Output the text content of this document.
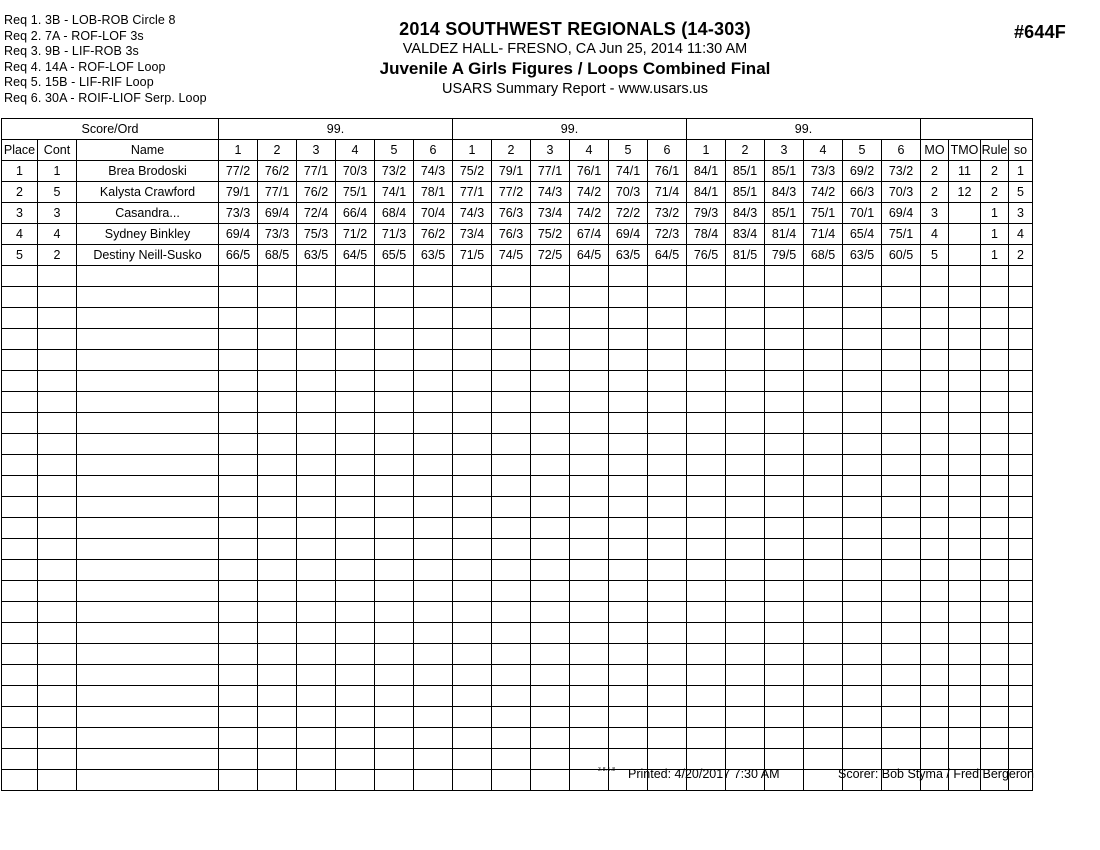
Req 1. 3B - LOB-ROB Circle 8
Req 2. 7A - ROF-LOF 3s
Req 3. 9B - LIF-ROB 3s
Req 4. 14A - ROF-LOF Loop
Req 5. 15B - LIF-RIF Loop
Req 6. 30A - ROIF-LIOF Serp. Loop
2014 SOUTHWEST REGIONALS (14-303)
VALDEZ HALL- FRESNO, CA Jun 25, 2014 11:30 AM
Juvenile A Girls Figures / Loops Combined Final
USARS Summary Report - www.usars.us
#644F
Score/Ord			99.						99.						99.									
Place	Cont	Name	1	2	3	4	5	6	1	2	3	4	5	6	1	2	3	4	5	6	MO	TMO	Rule	so
1	1	Brea Brodoski	77/2	76/2	77/1	70/3	73/2	74/3	75/2	79/1	77/1	76/1	74/1	76/1	84/1	85/1	85/1	73/3	69/2	73/2	2	11	2	1
2	5	Kalysta Crawford	79/1	77/1	76/2	75/1	74/1	78/1	77/1	77/2	74/3	74/2	70/3	71/4	84/1	85/1	84/3	74/2	66/3	70/3	2	12	2	5
3	3	Casandra...	73/3	69/4	72/4	66/4	68/4	70/4	74/3	76/3	73/4	74/2	72/2	73/2	79/3	84/3	85/1	75/1	70/1	69/4	3		1	3
4	4	Sydney Binkley	69/4	73/3	75/3	71/2	71/3	76/2	73/4	76/3	75/2	67/4	69/4	72/3	78/4	83/4	81/4	71/4	65/4	75/1	4		1	4
5	2	Destiny Neill-Susko	66/5	68/5	63/5	64/5	65/5	63/5	71/5	74/5	72/5	64/5	63/5	64/5	76/5	81/5	79/5	68/5	63/5	60/5	5		1	2

3.8.1.8 Printed: 4/20/2017 7:30 AM	Scorer: Bob Styma / Fred Bergeron
